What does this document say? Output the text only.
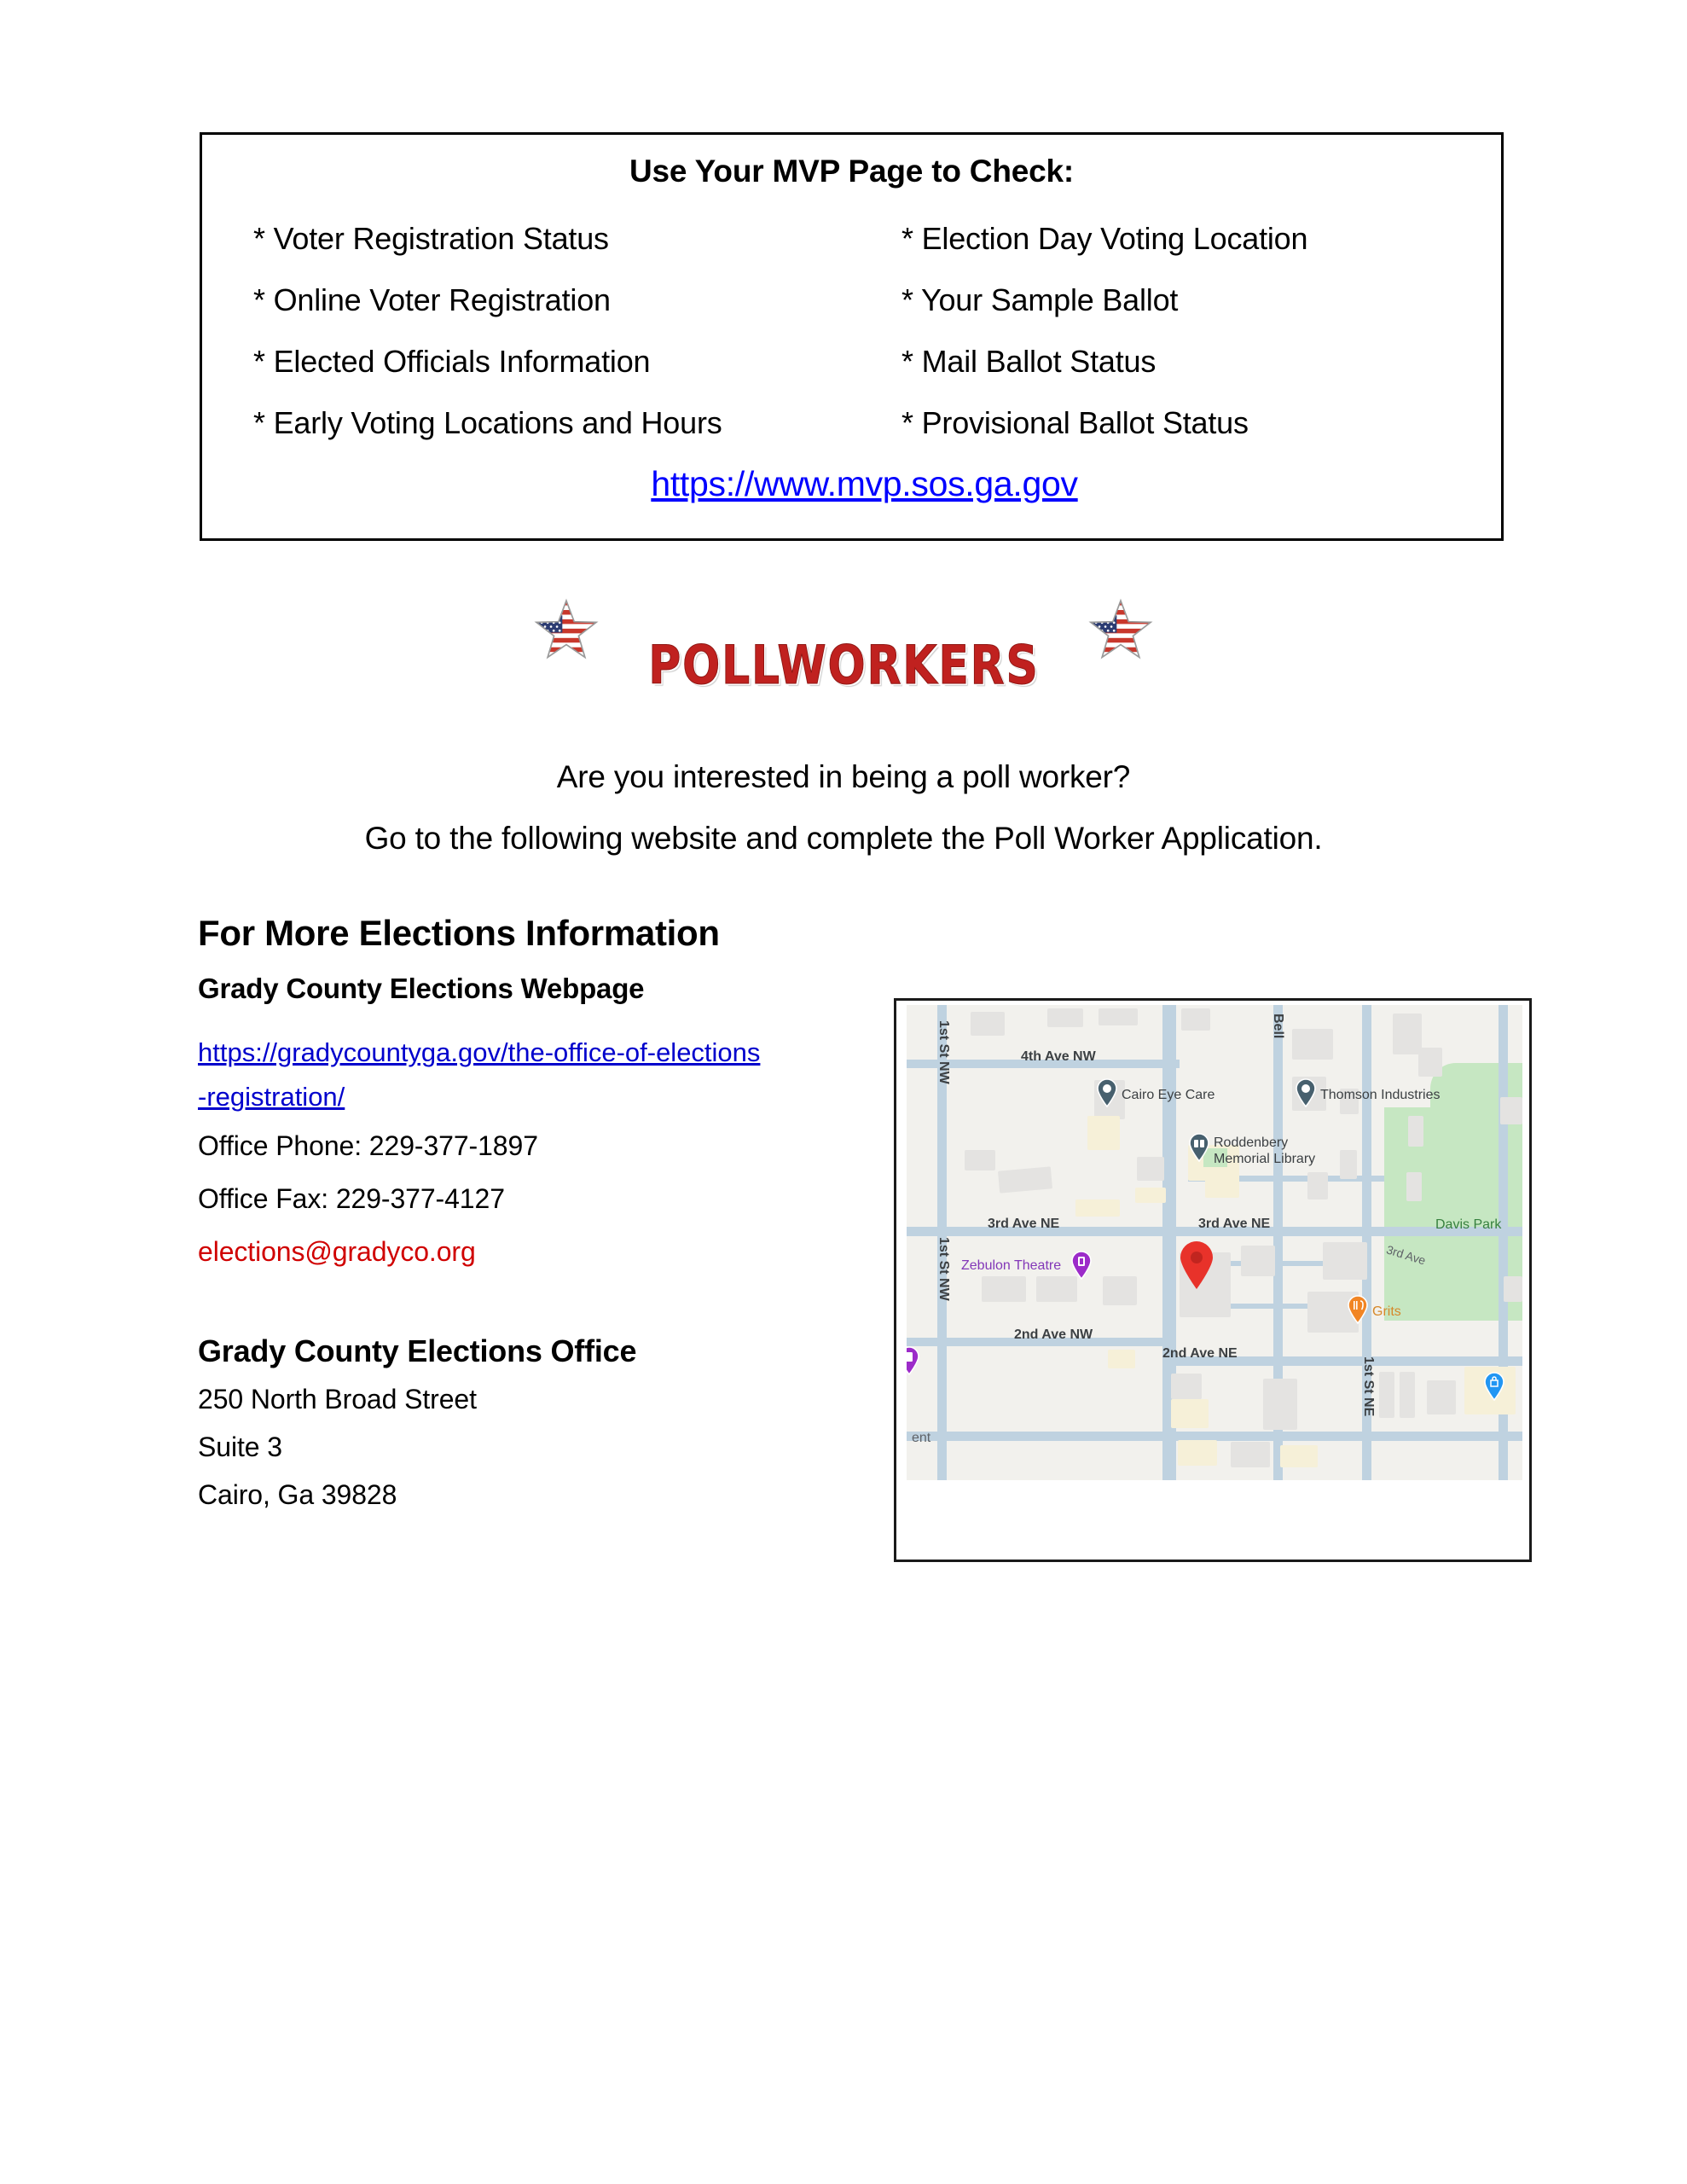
Use Your MVP Page to Check:
* Voter Registration Status
* Online Voter Registration
* Elected Officials Information
* Early Voting Locations and Hours
* Election Day Voting Location
* Your Sample Ballot
* Mail Ballot Status
* Provisional Ballot Status
https://www.mvp.sos.ga.gov
POLLWORKERS
Are you interested in being a poll worker?
Go to the following website and complete the Poll Worker Application.
For More Elections Information
Grady County Elections Webpage
https://gradycountyga.gov/the-office-of-elections-registration/
Office Phone: 229-377-1897
Office Fax: 229-377-4127
elections@gradyco.org
Grady County Elections Office
250 North Broad Street
Suite 3
Cairo, Ga 39828
4th Ave NW
3rd Ave NE	3rd Ave NE
2nd Ave NW
2nd Ave NE
3rd Ave
1st St NW
1st St NW
1st St NE
Bell
Cairo Eye Care	Thomson Industries
Roddenbery
Memorial Library
Zebulon Theatre
Davis Park
Grits
ent
